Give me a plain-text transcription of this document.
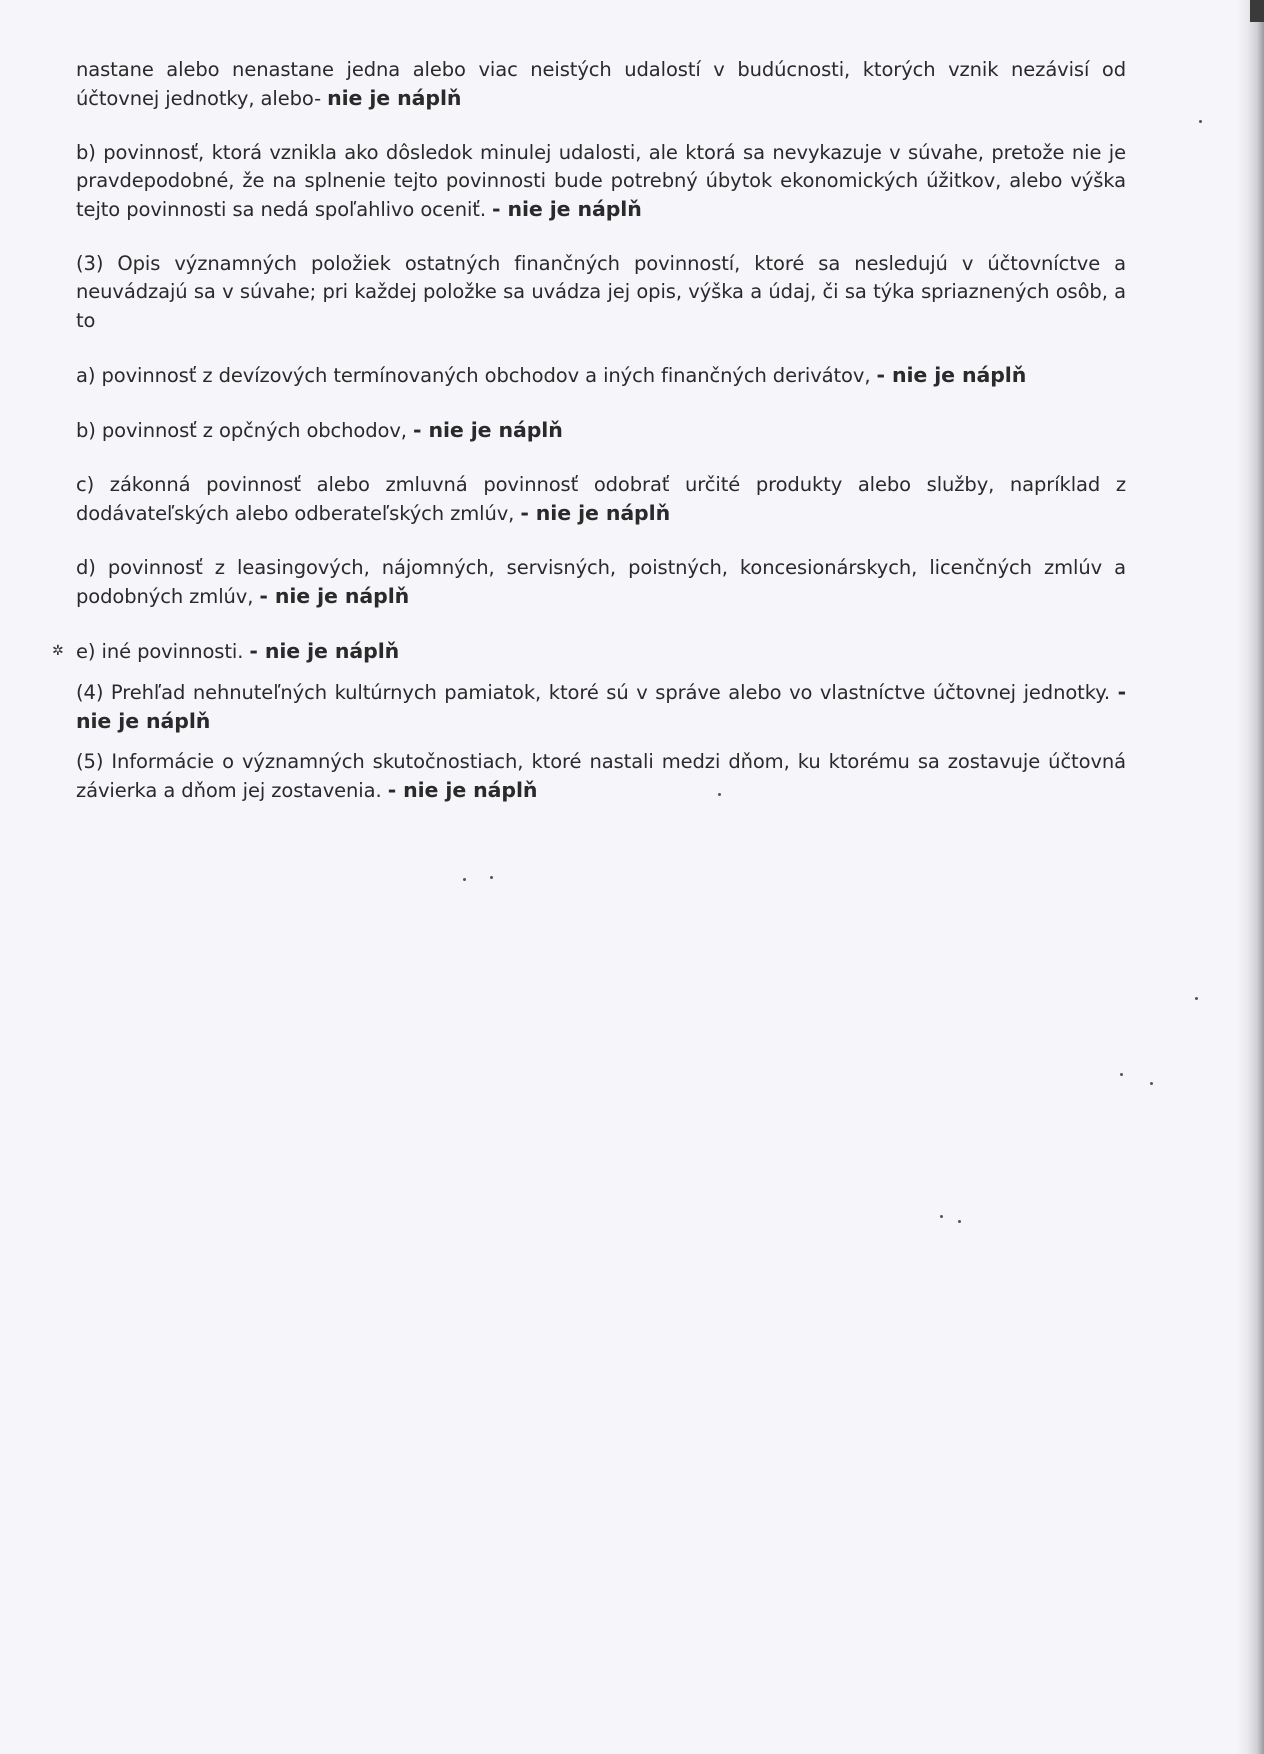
nastane alebo nenastane jedna alebo viac neistých udalostí v budúcnosti, ktorých vznik nezávisí od účtovnej jednotky, alebo- nie je náplň

b) povinnosť, ktorá vznikla ako dôsledok minulej udalosti, ale ktorá sa nevykazuje v súvahe, pretože nie je pravdepodobné, že na splnenie tejto povinnosti bude potrebný úbytok ekonomických úžitkov, alebo výška tejto povinnosti sa nedá spoľahlivo oceniť. - nie je náplň

(3) Opis významných položiek ostatných finančných povinností, ktoré sa nesledujú v účtovníctve a neuvádzajú sa v súvahe; pri každej položke sa uvádza jej opis, výška a údaj, či sa týka spriaznených osôb, a to

a) povinnosť z devízových termínovaných obchodov a iných finančných derivátov, - nie je náplň

b) povinnosť z opčných obchodov, - nie je náplň

c) zákonná povinnosť alebo zmluvná povinnosť odobrať určité produkty alebo služby, napríklad z dodávateľských alebo odberateľských zmlúv, - nie je náplň

d) povinnosť z leasingových, nájomných, servisných, poistných, koncesionárskych, licenčných zmlúv a podobných zmlúv, - nie je náplň

✲ e) iné povinnosti. - nie je náplň

(4) Prehľad nehnuteľných kultúrnych pamiatok, ktoré sú v správe alebo vo vlastníctve účtovnej jednotky. - nie je náplň

(5) Informácie o významných skutočnostiach, ktoré nastali medzi dňom, ku ktorému sa zostavuje účtovná závierka a dňom jej zostavenia. - nie je náplň
